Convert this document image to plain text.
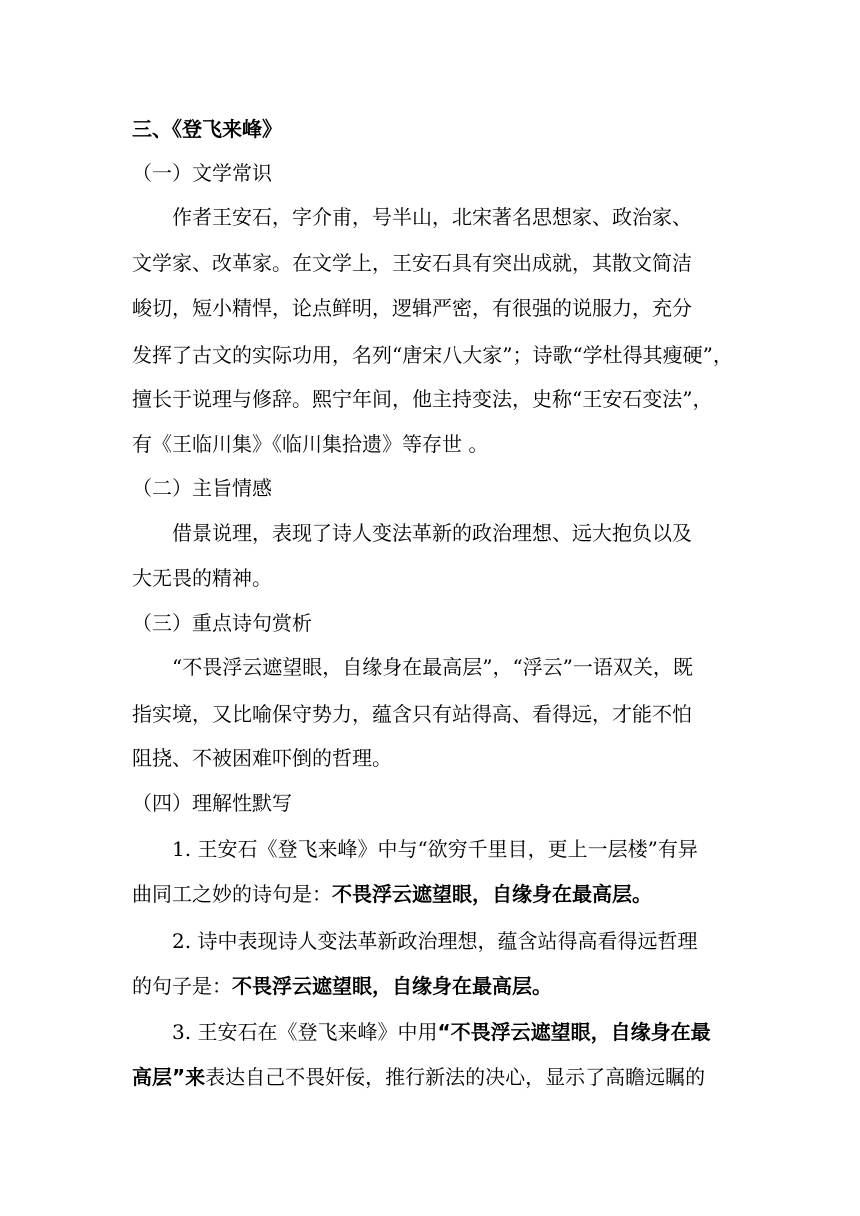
三、《登飞来峰》
（一）文学常识
作者王安石，字介甫，号半山，北宋著名思想家、政治家、
文学家、改革家。在文学上，王安石具有突出成就，其散文简洁
峻切，短小精悍，论点鲜明，逻辑严密，有很强的说服力，充分
发挥了古文的实际功用，名列“唐宋八大家”；诗歌“学杜得其瘦硬”，
擅长于说理与修辞。熙宁年间，他主持变法，史称“王安石变法”，
有《王临川集》《临川集拾遗》等存世 。
（二）主旨情感
借景说理，表现了诗人变法革新的政治理想、远大抱负以及
大无畏的精神。
（三）重点诗句赏析
“不畏浮云遮望眼，自缘身在最高层”，“浮云”一语双关，既
指实境，又比喻保守势力，蕴含只有站得高、看得远，才能不怕
阻挠、不被困难吓倒的哲理。
（四）理解性默写
1. 王安石《登飞来峰》中与“欲穷千里目，更上一层楼”有异
曲同工之妙的诗句是：不畏浮云遮望眼，自缘身在最高层。
2. 诗中表现诗人变法革新政治理想，蕴含站得高看得远哲理
的句子是：不畏浮云遮望眼，自缘身在最高层。
3. 王安石在《登飞来峰》中用“不畏浮云遮望眼，自缘身在最
高层”来表达自己不畏奸佞，推行新法的决心，显示了高瞻远瞩的
